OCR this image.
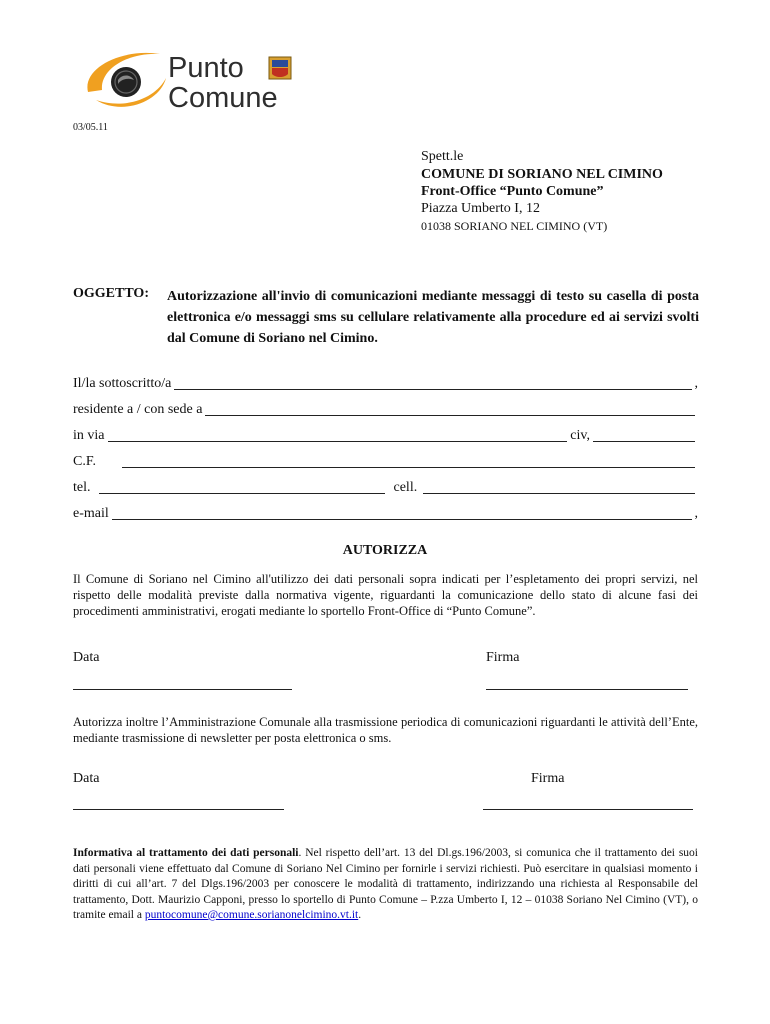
Punto
Comune
03/05.11
Spett.le
COMUNE DI SORIANO NEL CIMINO
Front-Office “Punto Comune”
Piazza Umberto I, 12
01038 SORIANO NEL CIMINO (VT)
OGGETTO: Autorizzazione all'invio di comunicazioni mediante messaggi di testo su casella di posta elettronica e/o messaggi sms su cellulare relativamente alla procedure ed ai servizi svolti dal Comune di Soriano nel Cimino.
Il/la sottoscritto/a	,
residente a / con sede a
in via	civ,
C.F.
tel.	cell.
e-mail	,
AUTORIZZA
Il Comune di Soriano nel Cimino all'utilizzo dei dati personali sopra indicati per l’espletamento dei propri servizi, nel rispetto delle modalità previste dalla normativa vigente, riguardanti la comunicazione dello stato di alcune fasi dei procedimenti amministrativi, erogati mediante lo sportello Front-Office di “Punto Comune”.
Data	Firma
Autorizza inoltre l’Amministrazione Comunale alla trasmissione periodica di comunicazioni riguardanti le attività dell’Ente, mediante trasmissione di newsletter per posta elettronica o sms.
Data	Firma
Informativa al trattamento dei dati personali. Nel rispetto dell’art. 13 del Dl.gs.196/2003, si comunica che il trattamento dei suoi dati personali viene effettuato dal Comune di Soriano Nel Cimino per fornirle i servizi richiesti. Può esercitare in qualsiasi momento i diritti di cui all’art. 7 del Dlgs.196/2003 per conoscere le modalità di trattamento, indirizzando una richiesta al Responsabile del trattamento, Dott. Maurizio Capponi, presso lo sportello di Punto Comune – P.zza Umberto I, 12 – 01038 Soriano Nel Cimino (VT), o tramite email a puntocomune@comune.sorianonelcimino.vt.it.
